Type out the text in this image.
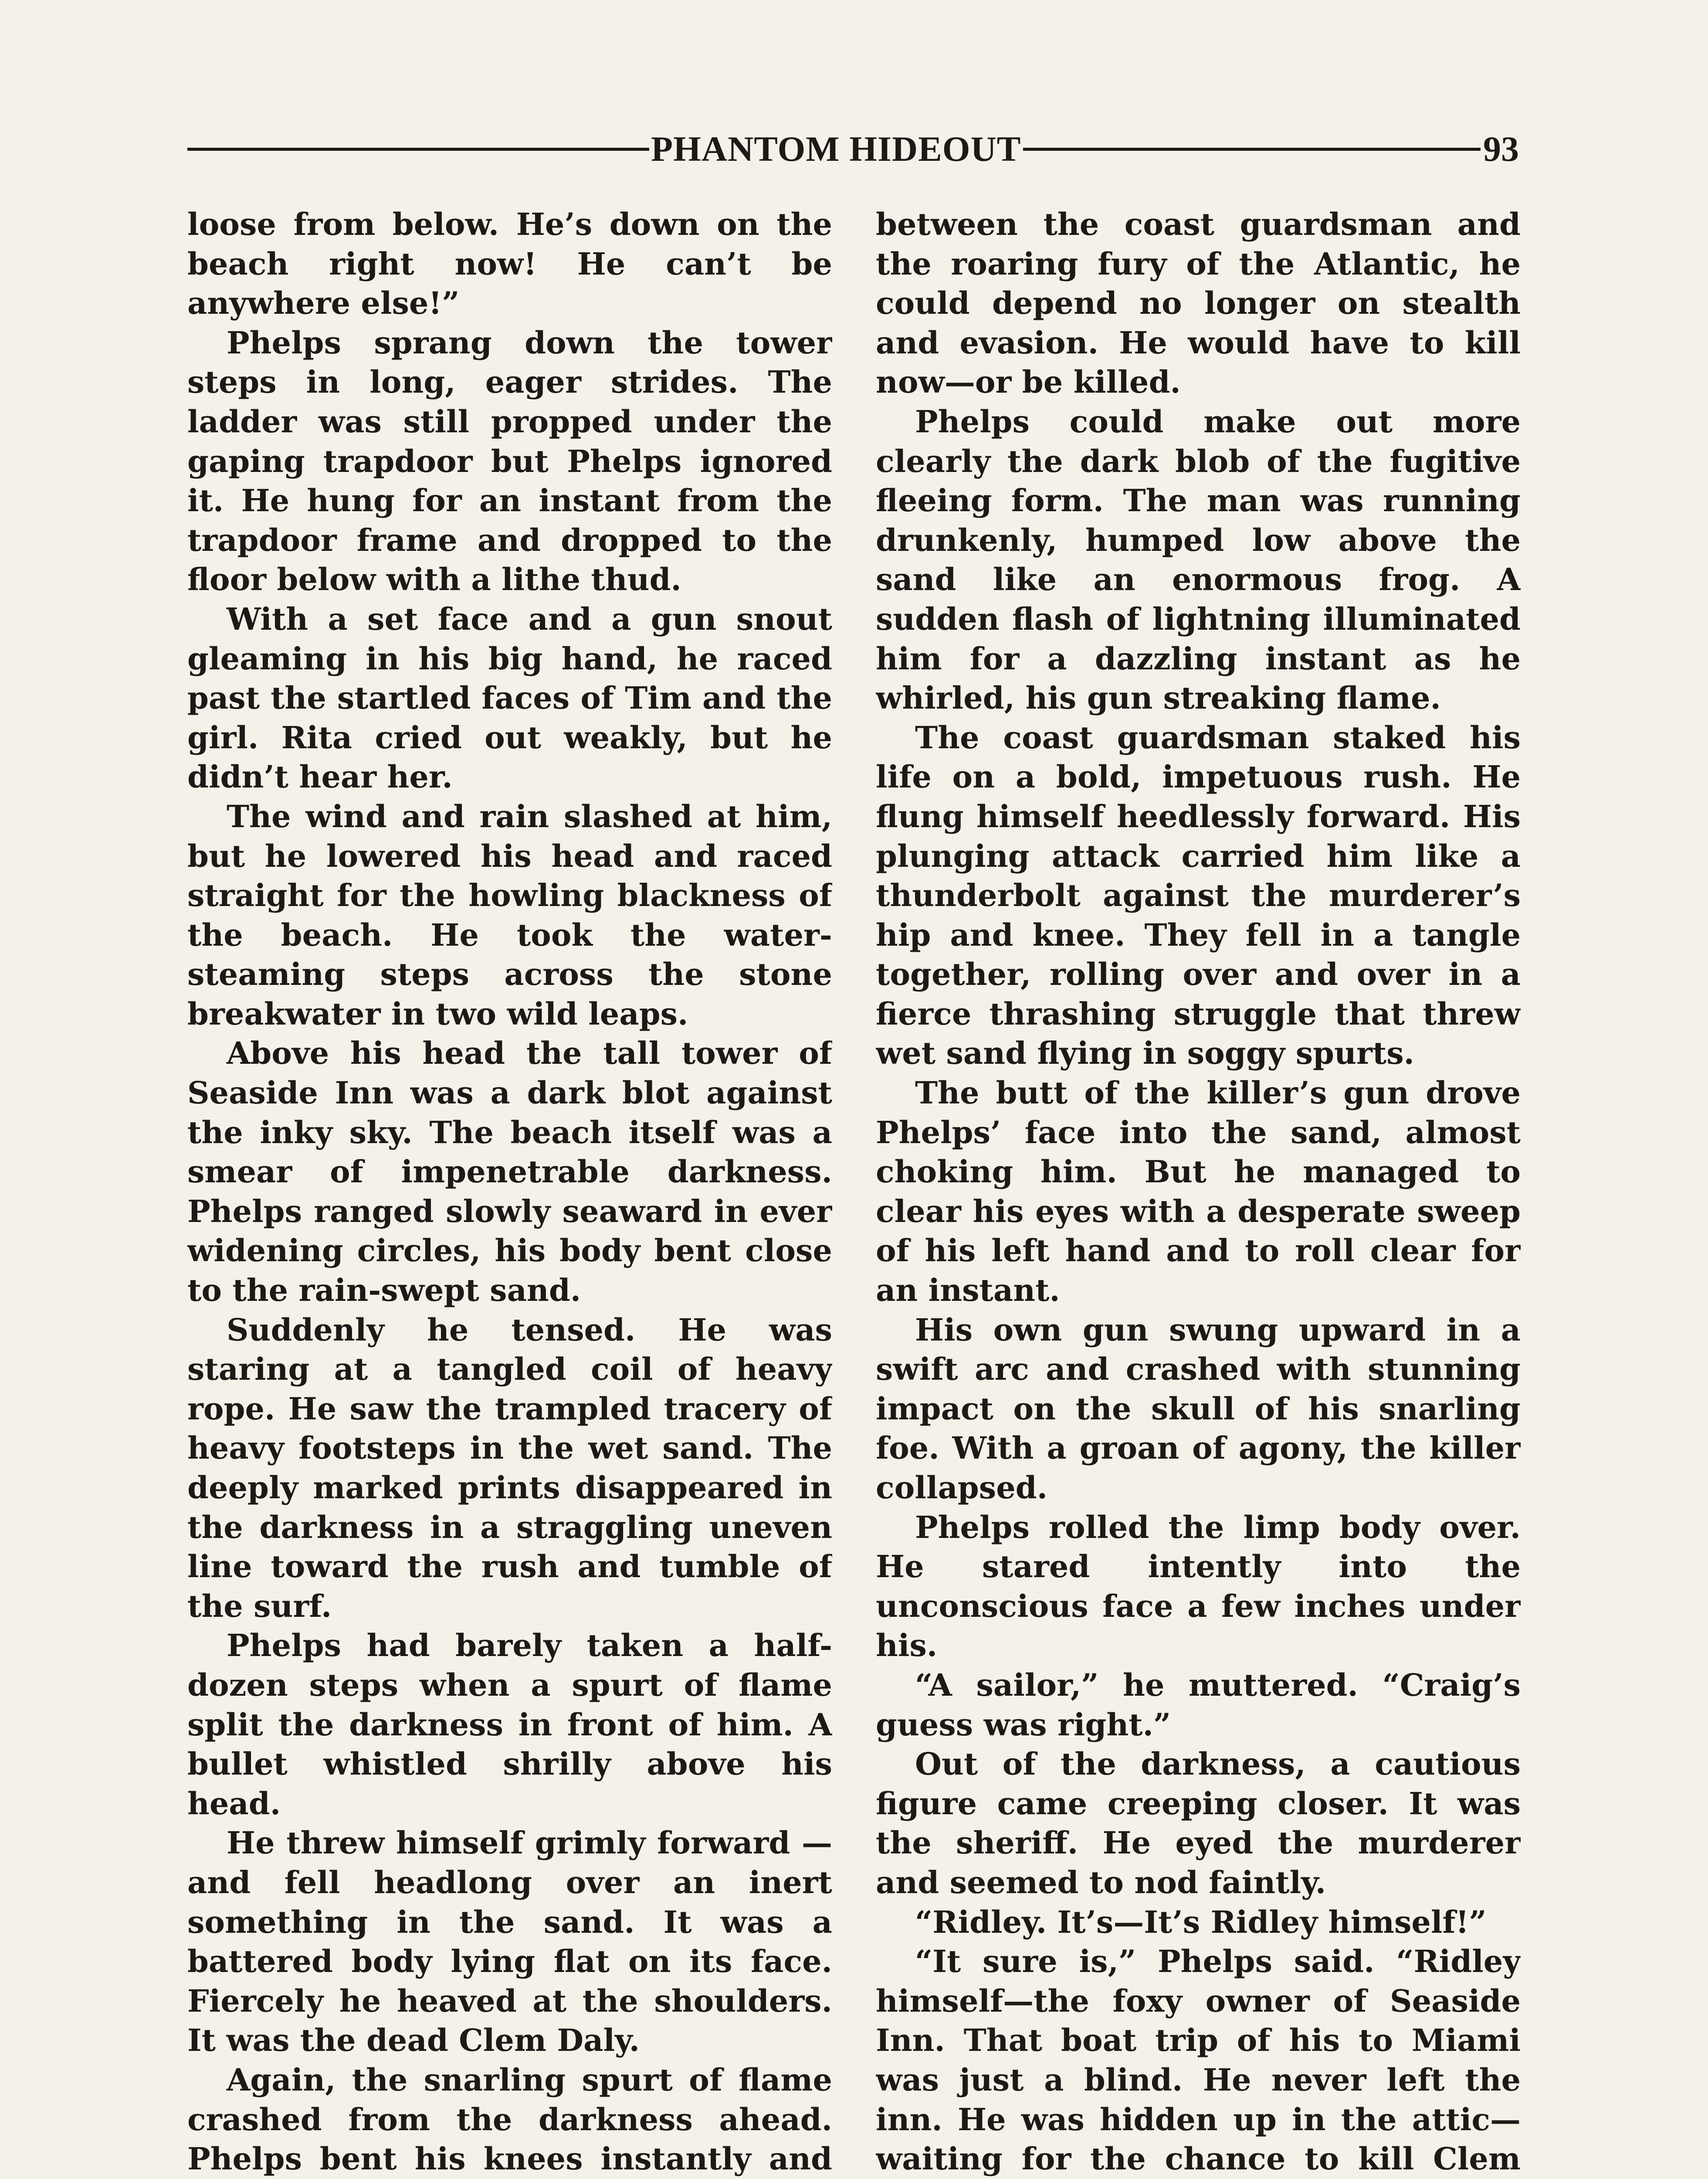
PHANTOM HIDEOUT	93

loose from below. He’s down on the beach right now! He can’t be anywhere else!”

Phelps sprang down the tower steps in long, eager strides. The ladder was still propped under the gaping trapdoor but Phelps ignored it. He hung for an instant from the trapdoor frame and dropped to the floor below with a lithe thud.

With a set face and a gun snout gleaming in his big hand, he raced past the startled faces of Tim and the girl. Rita cried out weakly, but he didn’t hear her.

The wind and rain slashed at him, but he lowered his head and raced straight for the howling blackness of the beach. He took the water-steaming steps across the stone breakwater in two wild leaps.

Above his head the tall tower of Seaside Inn was a dark blot against the inky sky. The beach itself was a smear of impenetrable darkness. Phelps ranged slowly seaward in ever widening circles, his body bent close to the rain-swept sand.

Suddenly he tensed. He was staring at a tangled coil of heavy rope. He saw the trampled tracery of heavy footsteps in the wet sand. The deeply marked prints disappeared in the darkness in a straggling uneven line toward the rush and tumble of the surf.

Phelps had barely taken a half-dozen steps when a spurt of flame split the darkness in front of him. A bullet whistled shrilly above his head.

He threw himself grimly forward —and fell headlong over an inert something in the sand. It was a battered body lying flat on its face. Fiercely he heaved at the shoulders. It was the dead Clem Daly.

Again, the snarling spurt of flame crashed from the darkness ahead. Phelps bent his knees instantly and

between the coast guardsman and the roaring fury of the Atlantic, he could depend no longer on stealth and evasion. He would have to kill now—or be killed.

Phelps could make out more clearly the dark blob of the fugitive fleeing form. The man was running drunkenly, humped low above the sand like an enormous frog. A sudden flash of lightning illuminated him for a dazzling instant as he whirled, his gun streaking flame.

The coast guardsman staked his life on a bold, impetuous rush. He flung himself heedlessly forward. His plunging attack carried him like a thunderbolt against the murderer’s hip and knee. They fell in a tangle together, rolling over and over in a fierce thrashing struggle that threw wet sand flying in soggy spurts.

The butt of the killer’s gun drove Phelps’ face into the sand, almost choking him. But he managed to clear his eyes with a desperate sweep of his left hand and to roll clear for an instant.

His own gun swung upward in a swift arc and crashed with stunning impact on the skull of his snarling foe. With a groan of agony, the killer collapsed.

Phelps rolled the limp body over. He stared intently into the unconscious face a few inches under his.

“A sailor,” he muttered. “Craig’s guess was right.”

Out of the darkness, a cautious figure came creeping closer. It was the sheriff. He eyed the murderer and seemed to nod faintly.

“Ridley. It’s—It’s Ridley himself!”

“It sure is,” Phelps said. “Ridley himself—the foxy owner of Seaside Inn. That boat trip of his to Miami was just a blind. He never left the inn. He was hidden up in the attic—waiting for the chance to kill Clem
